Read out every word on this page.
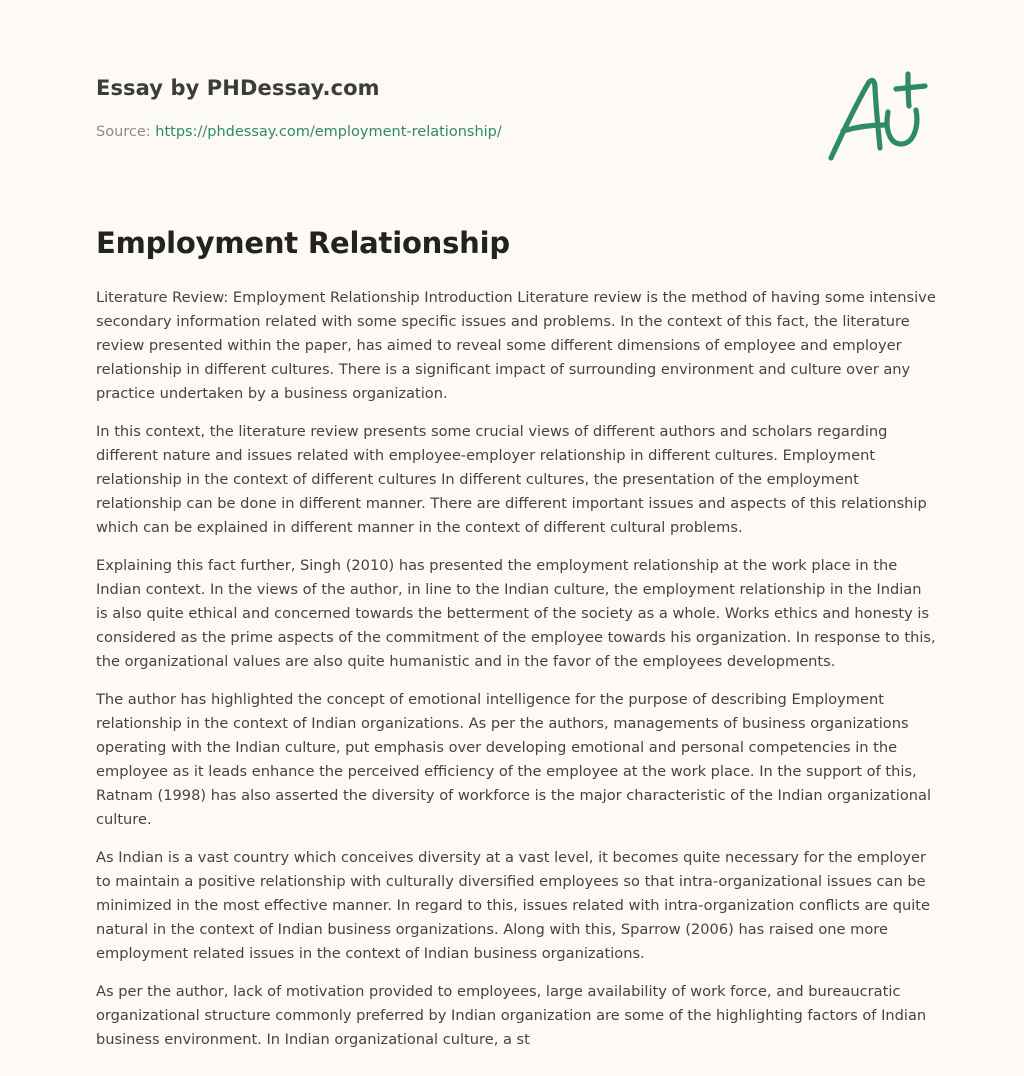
Essay by PHDessay.com
Source: https://phdessay.com/employment-relationship/
Employment Relationship

Literature Review: Employment Relationship Introduction Literature review is the method of having some intensive secondary information related with some specific issues and problems. In the context of this fact, the literature review presented within the paper, has aimed to reveal some different dimensions of employee and employer relationship in different cultures. There is a significant impact of surrounding environment and culture over any practice undertaken by a business organization.

In this context, the literature review presents some crucial views of different authors and scholars regarding different nature and issues related with employee-employer relationship in different cultures. Employment relationship in the context of different cultures In different cultures, the presentation of the employment relationship can be done in different manner. There are different important issues and aspects of this relationship which can be explained in different manner in the context of different cultural problems.

Explaining this fact further, Singh (2010) has presented the employment relationship at the work place in the Indian context. In the views of the author, in line to the Indian culture, the employment relationship in the Indian is also quite ethical and concerned towards the betterment of the society as a whole. Works ethics and honesty is considered as the prime aspects of the commitment of the employee towards his organization. In response to this, the organizational values are also quite humanistic and in the favor of the employees developments.

The author has highlighted the concept of emotional intelligence for the purpose of describing Employment relationship in the context of Indian organizations. As per the authors, managements of business organizations operating with the Indian culture, put emphasis over developing emotional and personal competencies in the employee as it leads enhance the perceived efficiency of the employee at the work place. In the support of this, Ratnam (1998) has also asserted the diversity of workforce is the major characteristic of the Indian organizational culture.

As Indian is a vast country which conceives diversity at a vast level, it becomes quite necessary for the employer to maintain a positive relationship with culturally diversified employees so that intra-organizational issues can be minimized in the most effective manner. In regard to this, issues related with intra-organization conflicts are quite natural in the context of Indian business organizations. Along with this, Sparrow (2006) has raised one more employment related issues in the context of Indian business organizations.

As per the author, lack of motivation provided to employees, large availability of work force, and bureaucratic organizational structure commonly preferred by Indian organization are some of the highlighting factors of Indian business environment. In Indian organizational culture, a st
